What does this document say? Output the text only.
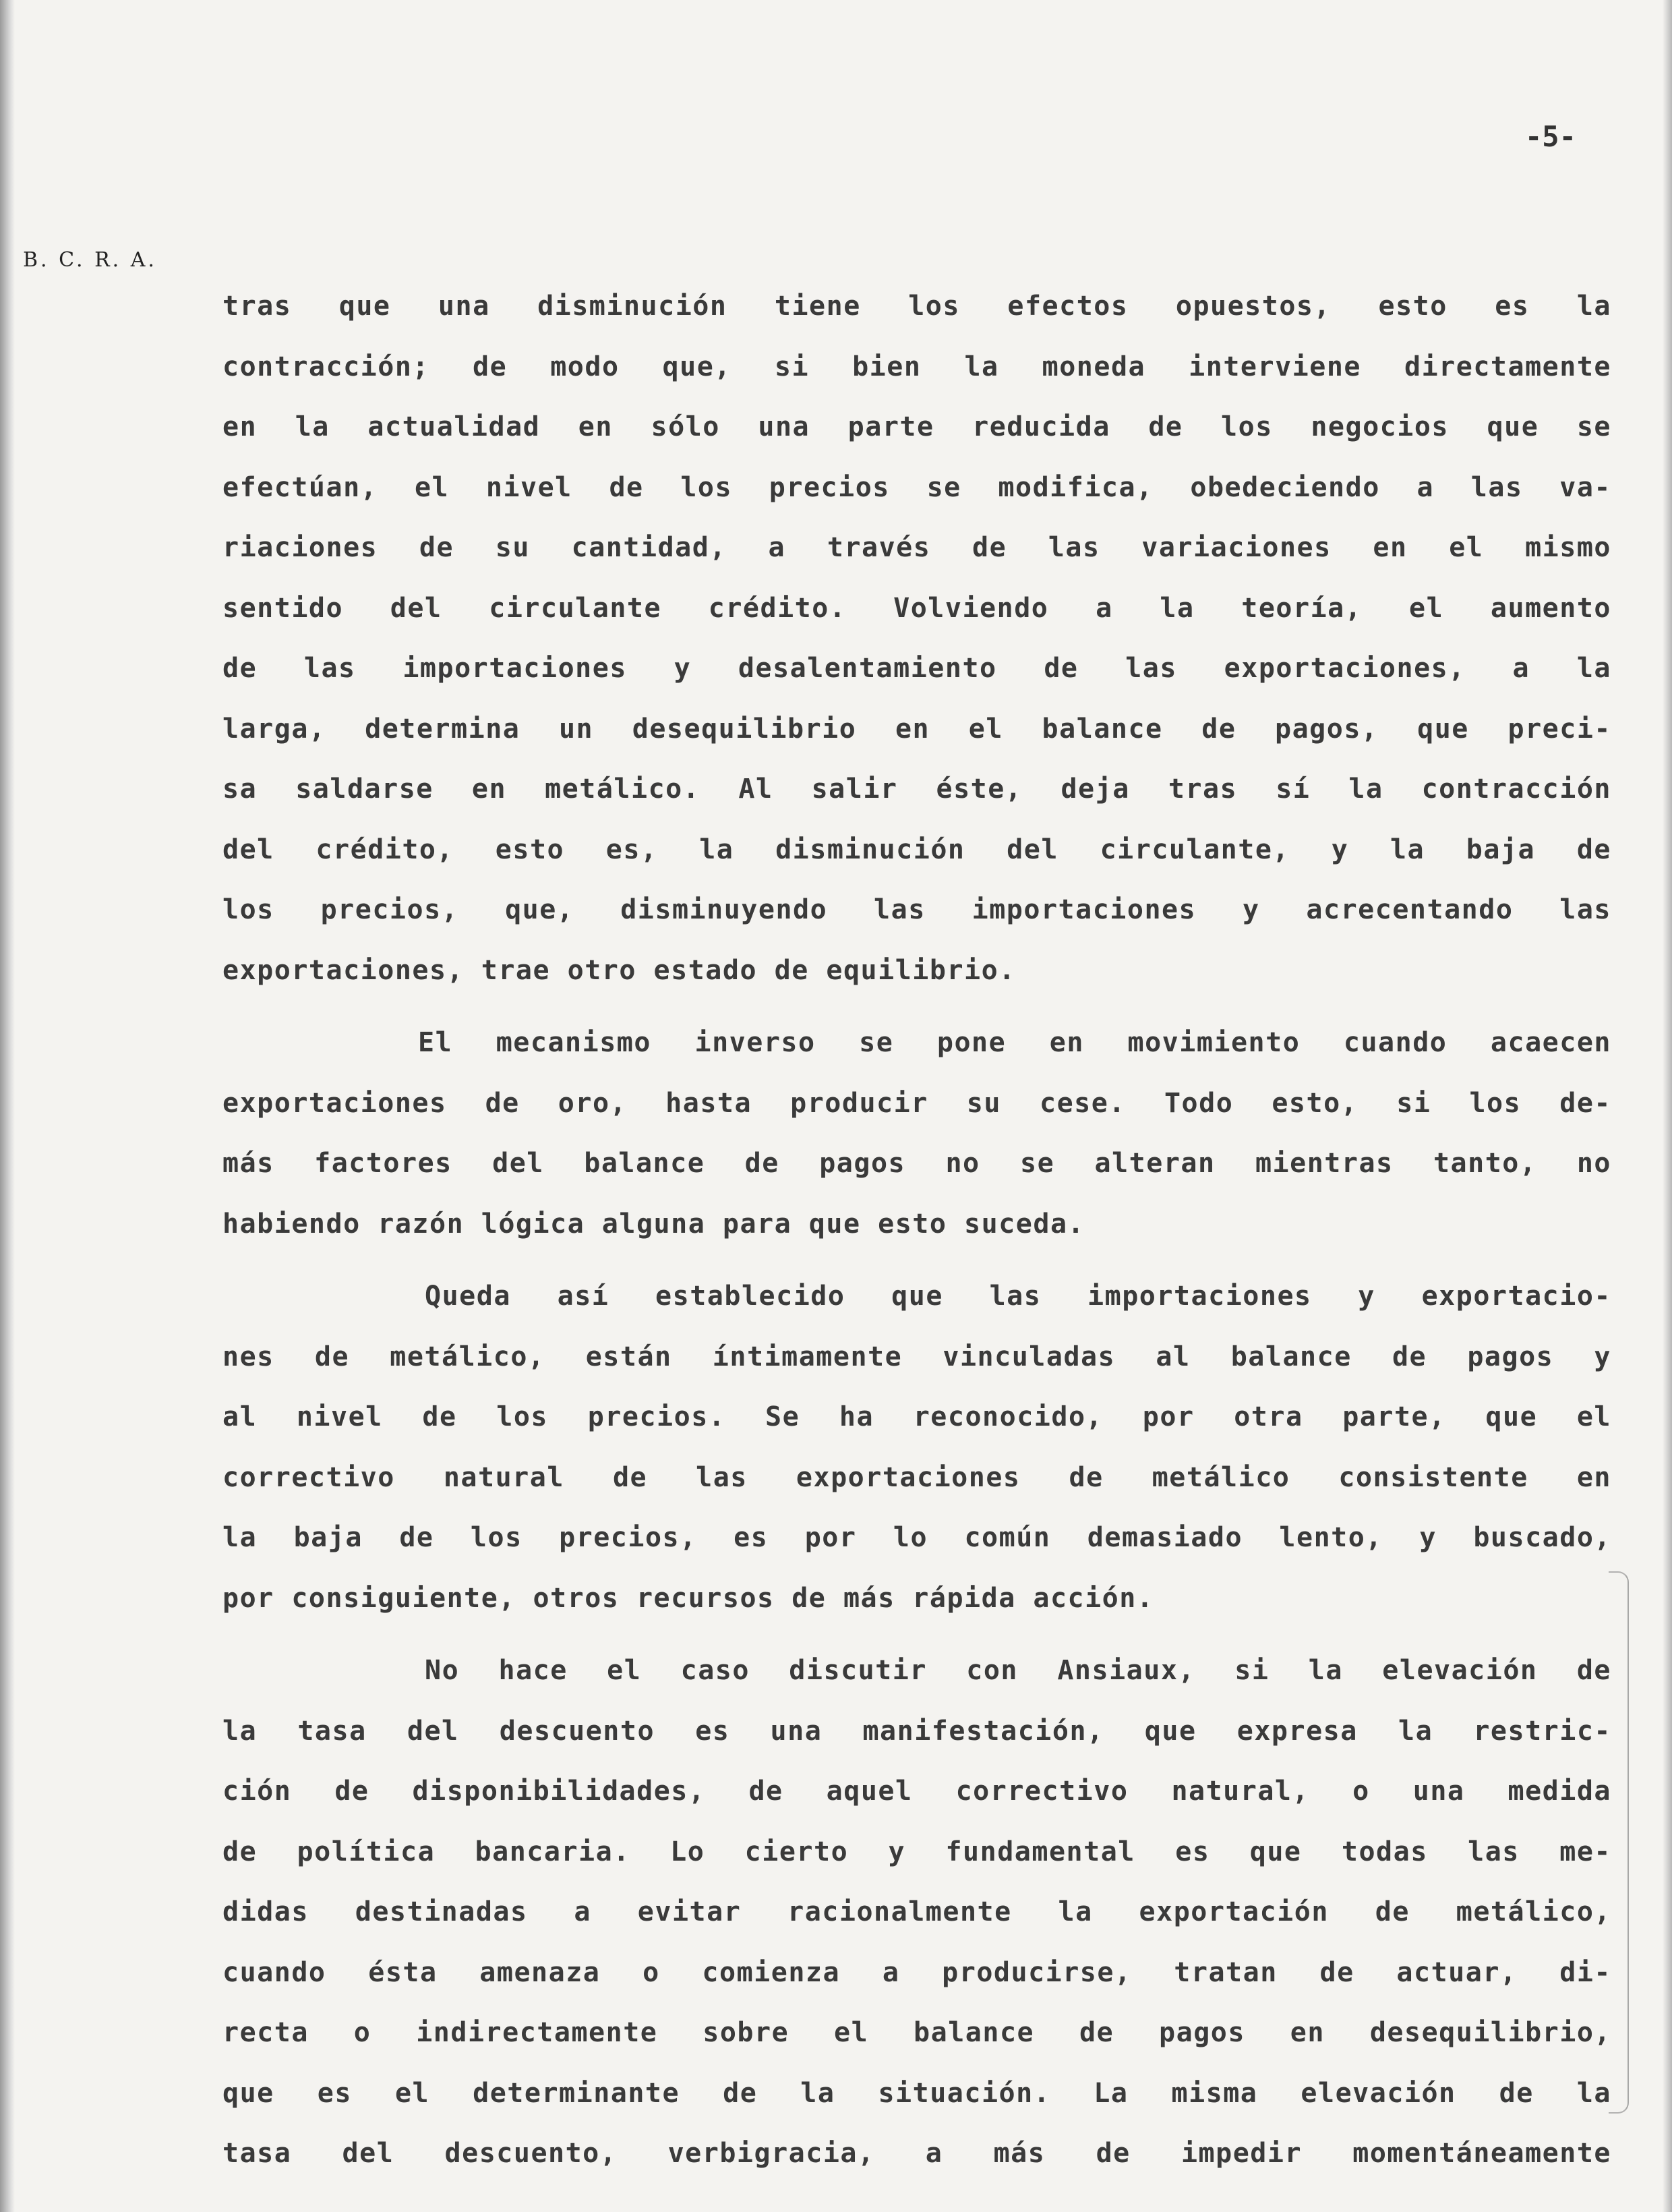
-5-
B. C. R. A.
tras que una disminución tiene los efectos opuestos, esto es la
contracción; de modo que, si bien la moneda interviene directamente
en la actualidad en sólo una parte reducida de los negocios que se
efectúan, el nivel de los precios se modifica, obedeciendo a las va-
riaciones de su cantidad, a través de las variaciones en el mismo
sentido del circulante crédito. Volviendo a la teoría, el aumento
de las importaciones y desalentamiento de las exportaciones, a la
larga, determina un desequilibrio en el balance de pagos, que preci-
sa saldarse en metálico. Al salir éste, deja tras sí la contracción
del crédito, esto es, la disminución del circulante, y la baja de
los precios, que, disminuyendo las importaciones y acrecentando las
exportaciones, trae otro estado de equilibrio.
El mecanismo inverso se pone en movimiento cuando acaecen
exportaciones de oro, hasta producir su cese. Todo esto, si los de-
más factores del balance de pagos no se alteran mientras tanto, no
habiendo razón lógica alguna para que esto suceda.
Queda así establecido que las importaciones y exportacio-
nes de metálico, están íntimamente vinculadas al balance de pagos y
al nivel de los precios. Se ha reconocido, por otra parte, que el
correctivo natural de las exportaciones de metálico consistente en
la baja de los precios, es por lo común demasiado lento, y buscado,
por consiguiente, otros recursos de más rápida acción.
No hace el caso discutir con Ansiaux, si la elevación de
la tasa del descuento es una manifestación, que expresa la restric-
ción de disponibilidades, de aquel correctivo natural, o una medida
de política bancaria. Lo cierto y fundamental es que todas las me-
didas destinadas a evitar racionalmente la exportación de metálico,
cuando ésta amenaza o comienza a producirse, tratan de actuar, di-
recta o indirectamente sobre el balance de pagos en desequilibrio,
que es el determinante de la situación. La misma elevación de la
tasa del descuento, verbigracia, a más de impedir momentáneamente
